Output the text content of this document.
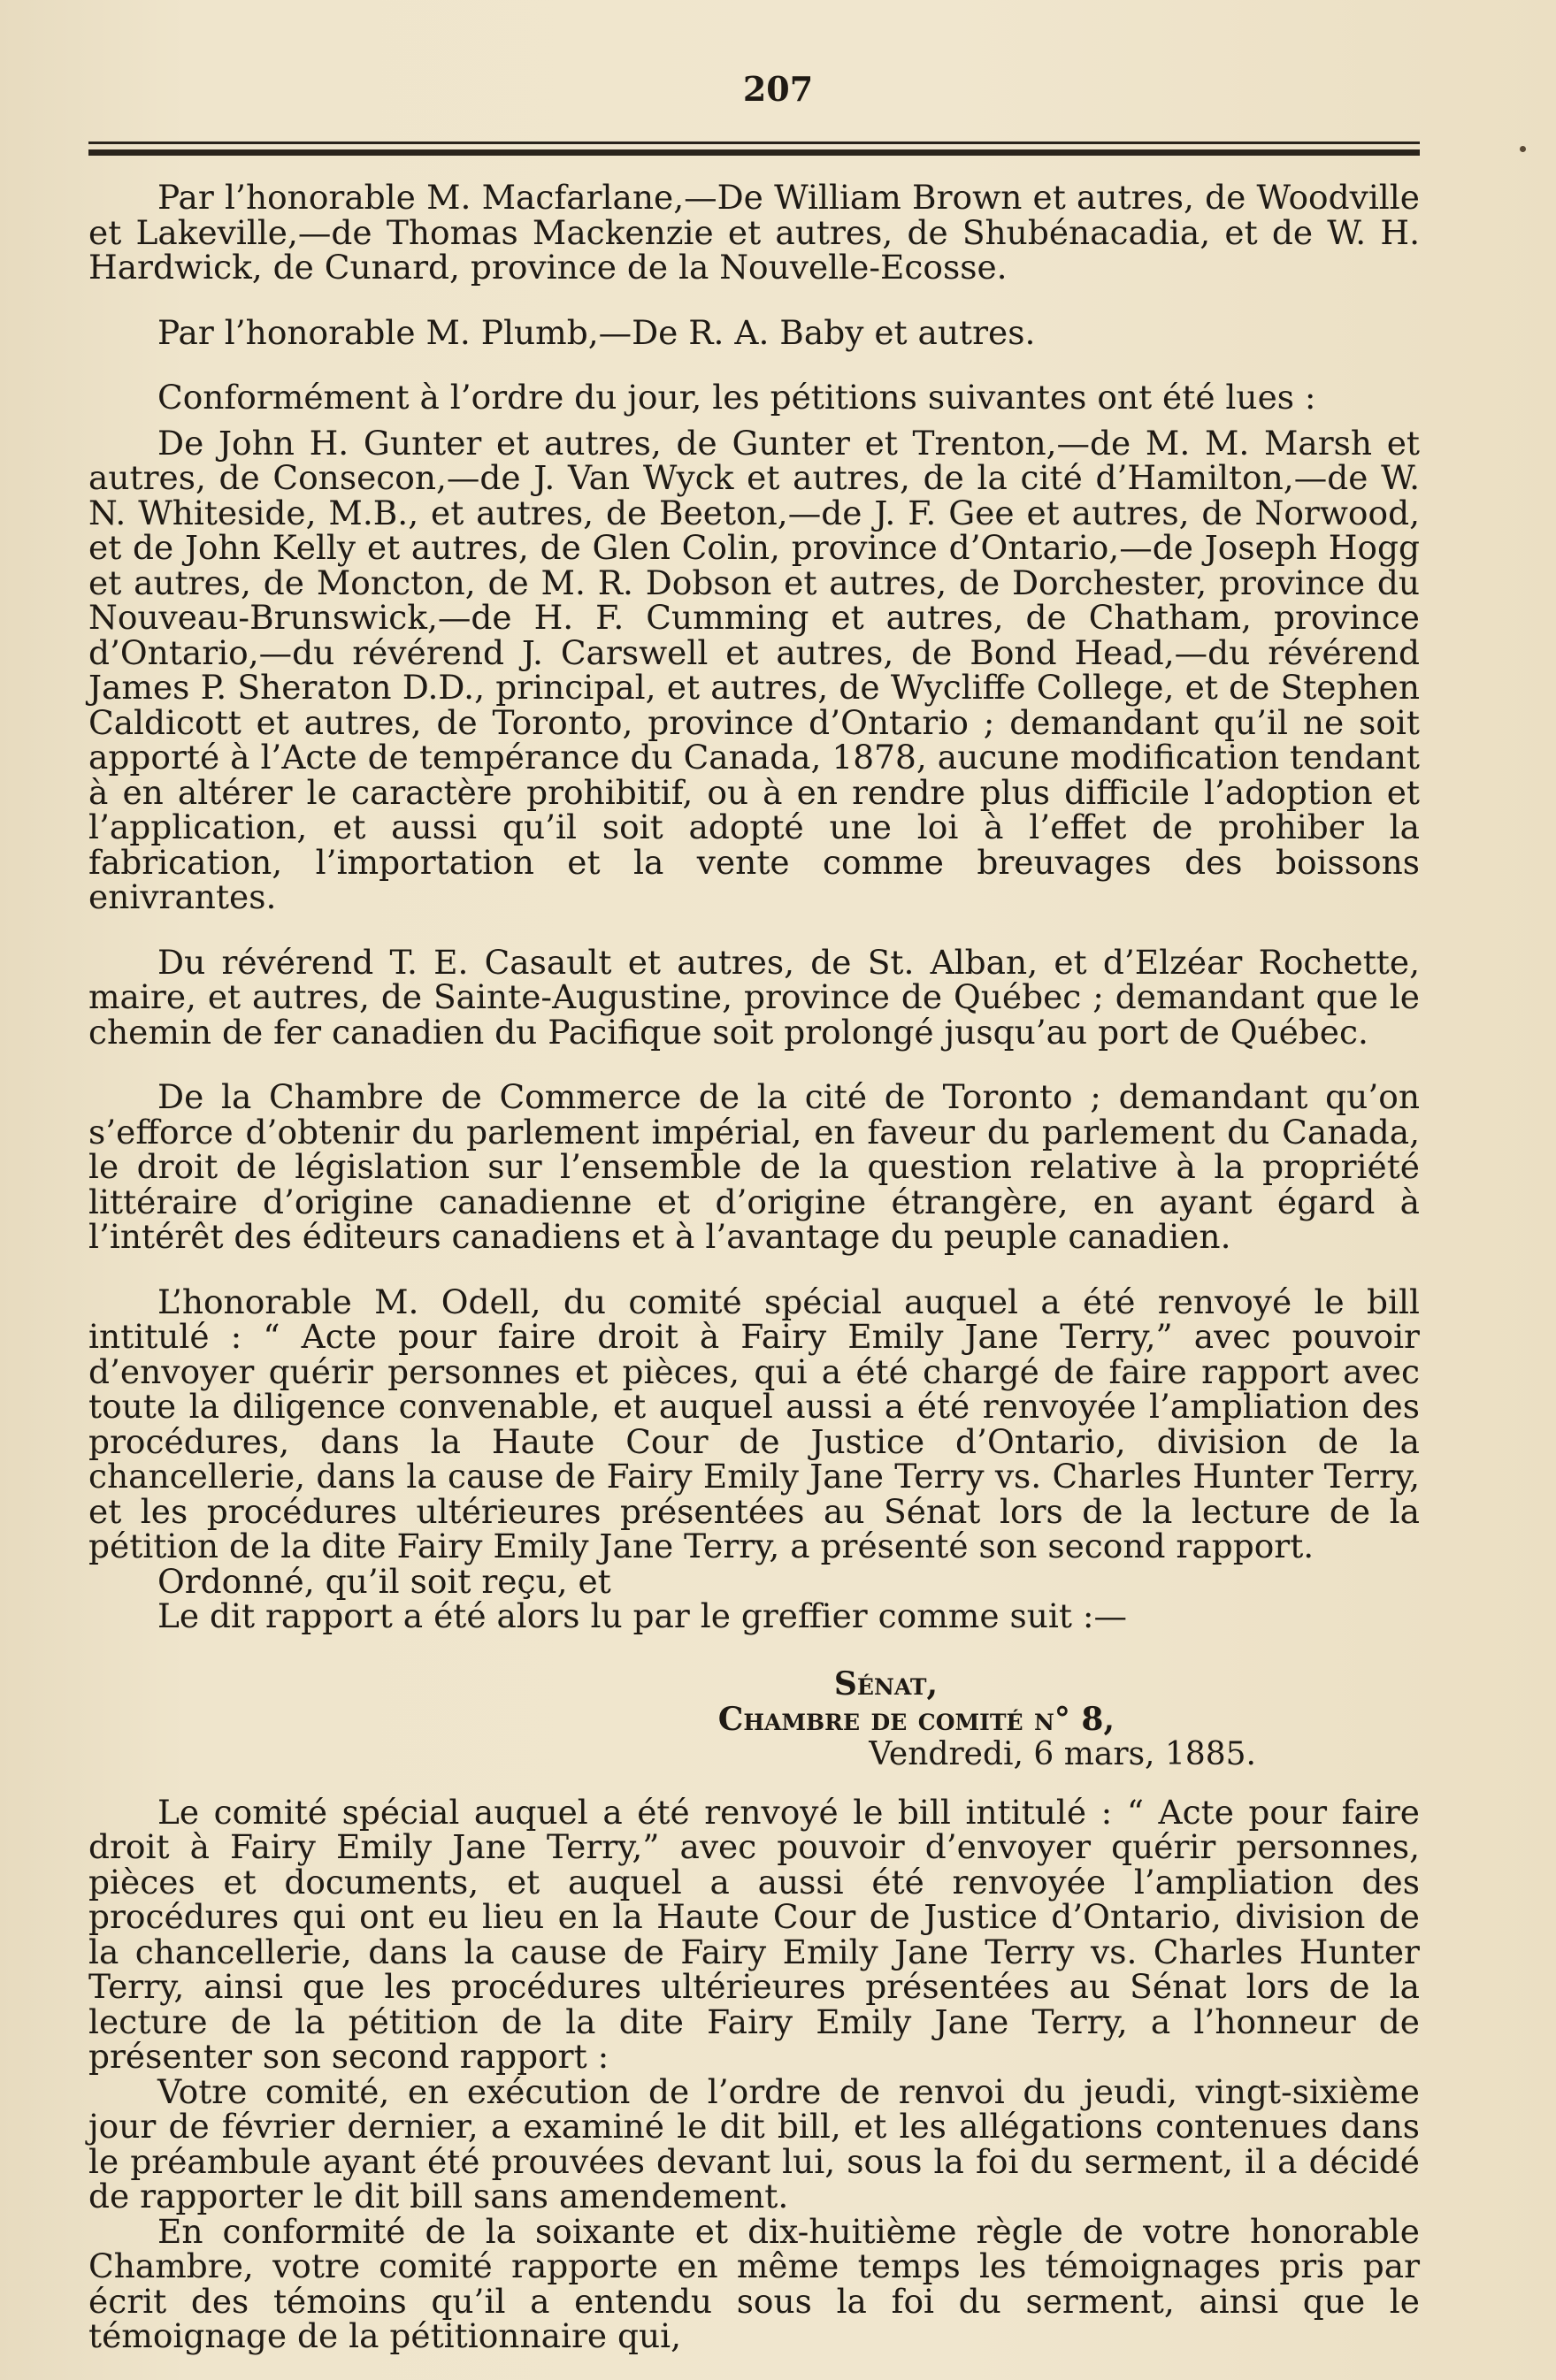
207

Par l’honorable M. Macfarlane,—De William Brown et autres, de Woodville et Lakeville,—de Thomas Mackenzie et autres, de Shubénacadia, et de W. H. Hardwick, de Cunard, province de la Nouvelle-Ecosse.

Par l’honorable M. Plumb,—De R. A. Baby et autres.

Conformément à l’ordre du jour, les pétitions suivantes ont été lues :

De John H. Gunter et autres, de Gunter et Trenton,—de M. M. Marsh et autres, de Consecon,—de J. Van Wyck et autres, de la cité d’Hamilton,—de W. N. Whiteside, M.B., et autres, de Beeton,—de J. F. Gee et autres, de Norwood, et de John Kelly et autres, de Glen Colin, province d’Ontario,—de Joseph Hogg et autres, de Moncton, de M. R. Dobson et autres, de Dorchester, province du Nouveau-Brunswick,—de H. F. Cumming et autres, de Chatham, province d’Ontario,—du révérend J. Carswell et autres, de Bond Head,—du révérend James P. Sheraton D.D., principal, et autres, de Wycliffe College, et de Stephen Caldicott et autres, de Toronto, province d’Ontario ; demandant qu’il ne soit apporté à l’Acte de tempérance du Canada, 1878, aucune modification tendant à en altérer le caractère prohibitif, ou à en rendre plus difficile l’adoption et l’application, et aussi qu’il soit adopté une loi à l’effet de prohiber la fabrication, l’importation et la vente comme breuvages des boissons enivrantes.

Du révérend T. E. Casault et autres, de St. Alban, et d’Elzéar Rochette, maire, et autres, de Sainte-Augustine, province de Québec ; demandant que le chemin de fer canadien du Pacifique soit prolongé jusqu’au port de Québec.

De la Chambre de Commerce de la cité de Toronto ; demandant qu’on s’efforce d’obtenir du parlement impérial, en faveur du parlement du Canada, le droit de législation sur l’ensemble de la question relative à la propriété littéraire d’origine canadienne et d’origine étrangère, en ayant égard à l’intérêt des éditeurs canadiens et à l’avantage du peuple canadien.

L’honorable M. Odell, du comité spécial auquel a été renvoyé le bill intitulé : “ Acte pour faire droit à Fairy Emily Jane Terry,” avec pouvoir d’envoyer quérir personnes et pièces, qui a été chargé de faire rapport avec toute la diligence convenable, et auquel aussi a été renvoyée l’ampliation des procédures, dans la Haute Cour de Justice d’Ontario, division de la chancellerie, dans la cause de Fairy Emily Jane Terry vs. Charles Hunter Terry, et les procédures ultérieures présentées au Sénat lors de la lecture de la pétition de la dite Fairy Emily Jane Terry, a présenté son second rapport.

Ordonné, qu’il soit reçu, et

Le dit rapport a été alors lu par le greffier comme suit :—

Sénat,
Chambre de comité n° 8,
Vendredi, 6 mars, 1885.

Le comité spécial auquel a été renvoyé le bill intitulé : “ Acte pour faire droit à Fairy Emily Jane Terry,” avec pouvoir d’envoyer quérir personnes, pièces et documents, et auquel a aussi été renvoyée l’ampliation des procédures qui ont eu lieu en la Haute Cour de Justice d’Ontario, division de la chancellerie, dans la cause de Fairy Emily Jane Terry vs. Charles Hunter Terry, ainsi que les procédures ultérieures présentées au Sénat lors de la lecture de la pétition de la dite Fairy Emily Jane Terry, a l’honneur de présenter son second rapport :

Votre comité, en exécution de l’ordre de renvoi du jeudi, vingt-sixième jour de février dernier, a examiné le dit bill, et les allégations contenues dans le préambule ayant été prouvées devant lui, sous la foi du serment, il a décidé de rapporter le dit bill sans amendement.

En conformité de la soixante et dix-huitième règle de votre honorable Chambre, votre comité rapporte en même temps les témoignages pris par écrit des témoins qu’il a entendu sous la foi du serment, ainsi que le témoignage de la pétitionnaire qui,
